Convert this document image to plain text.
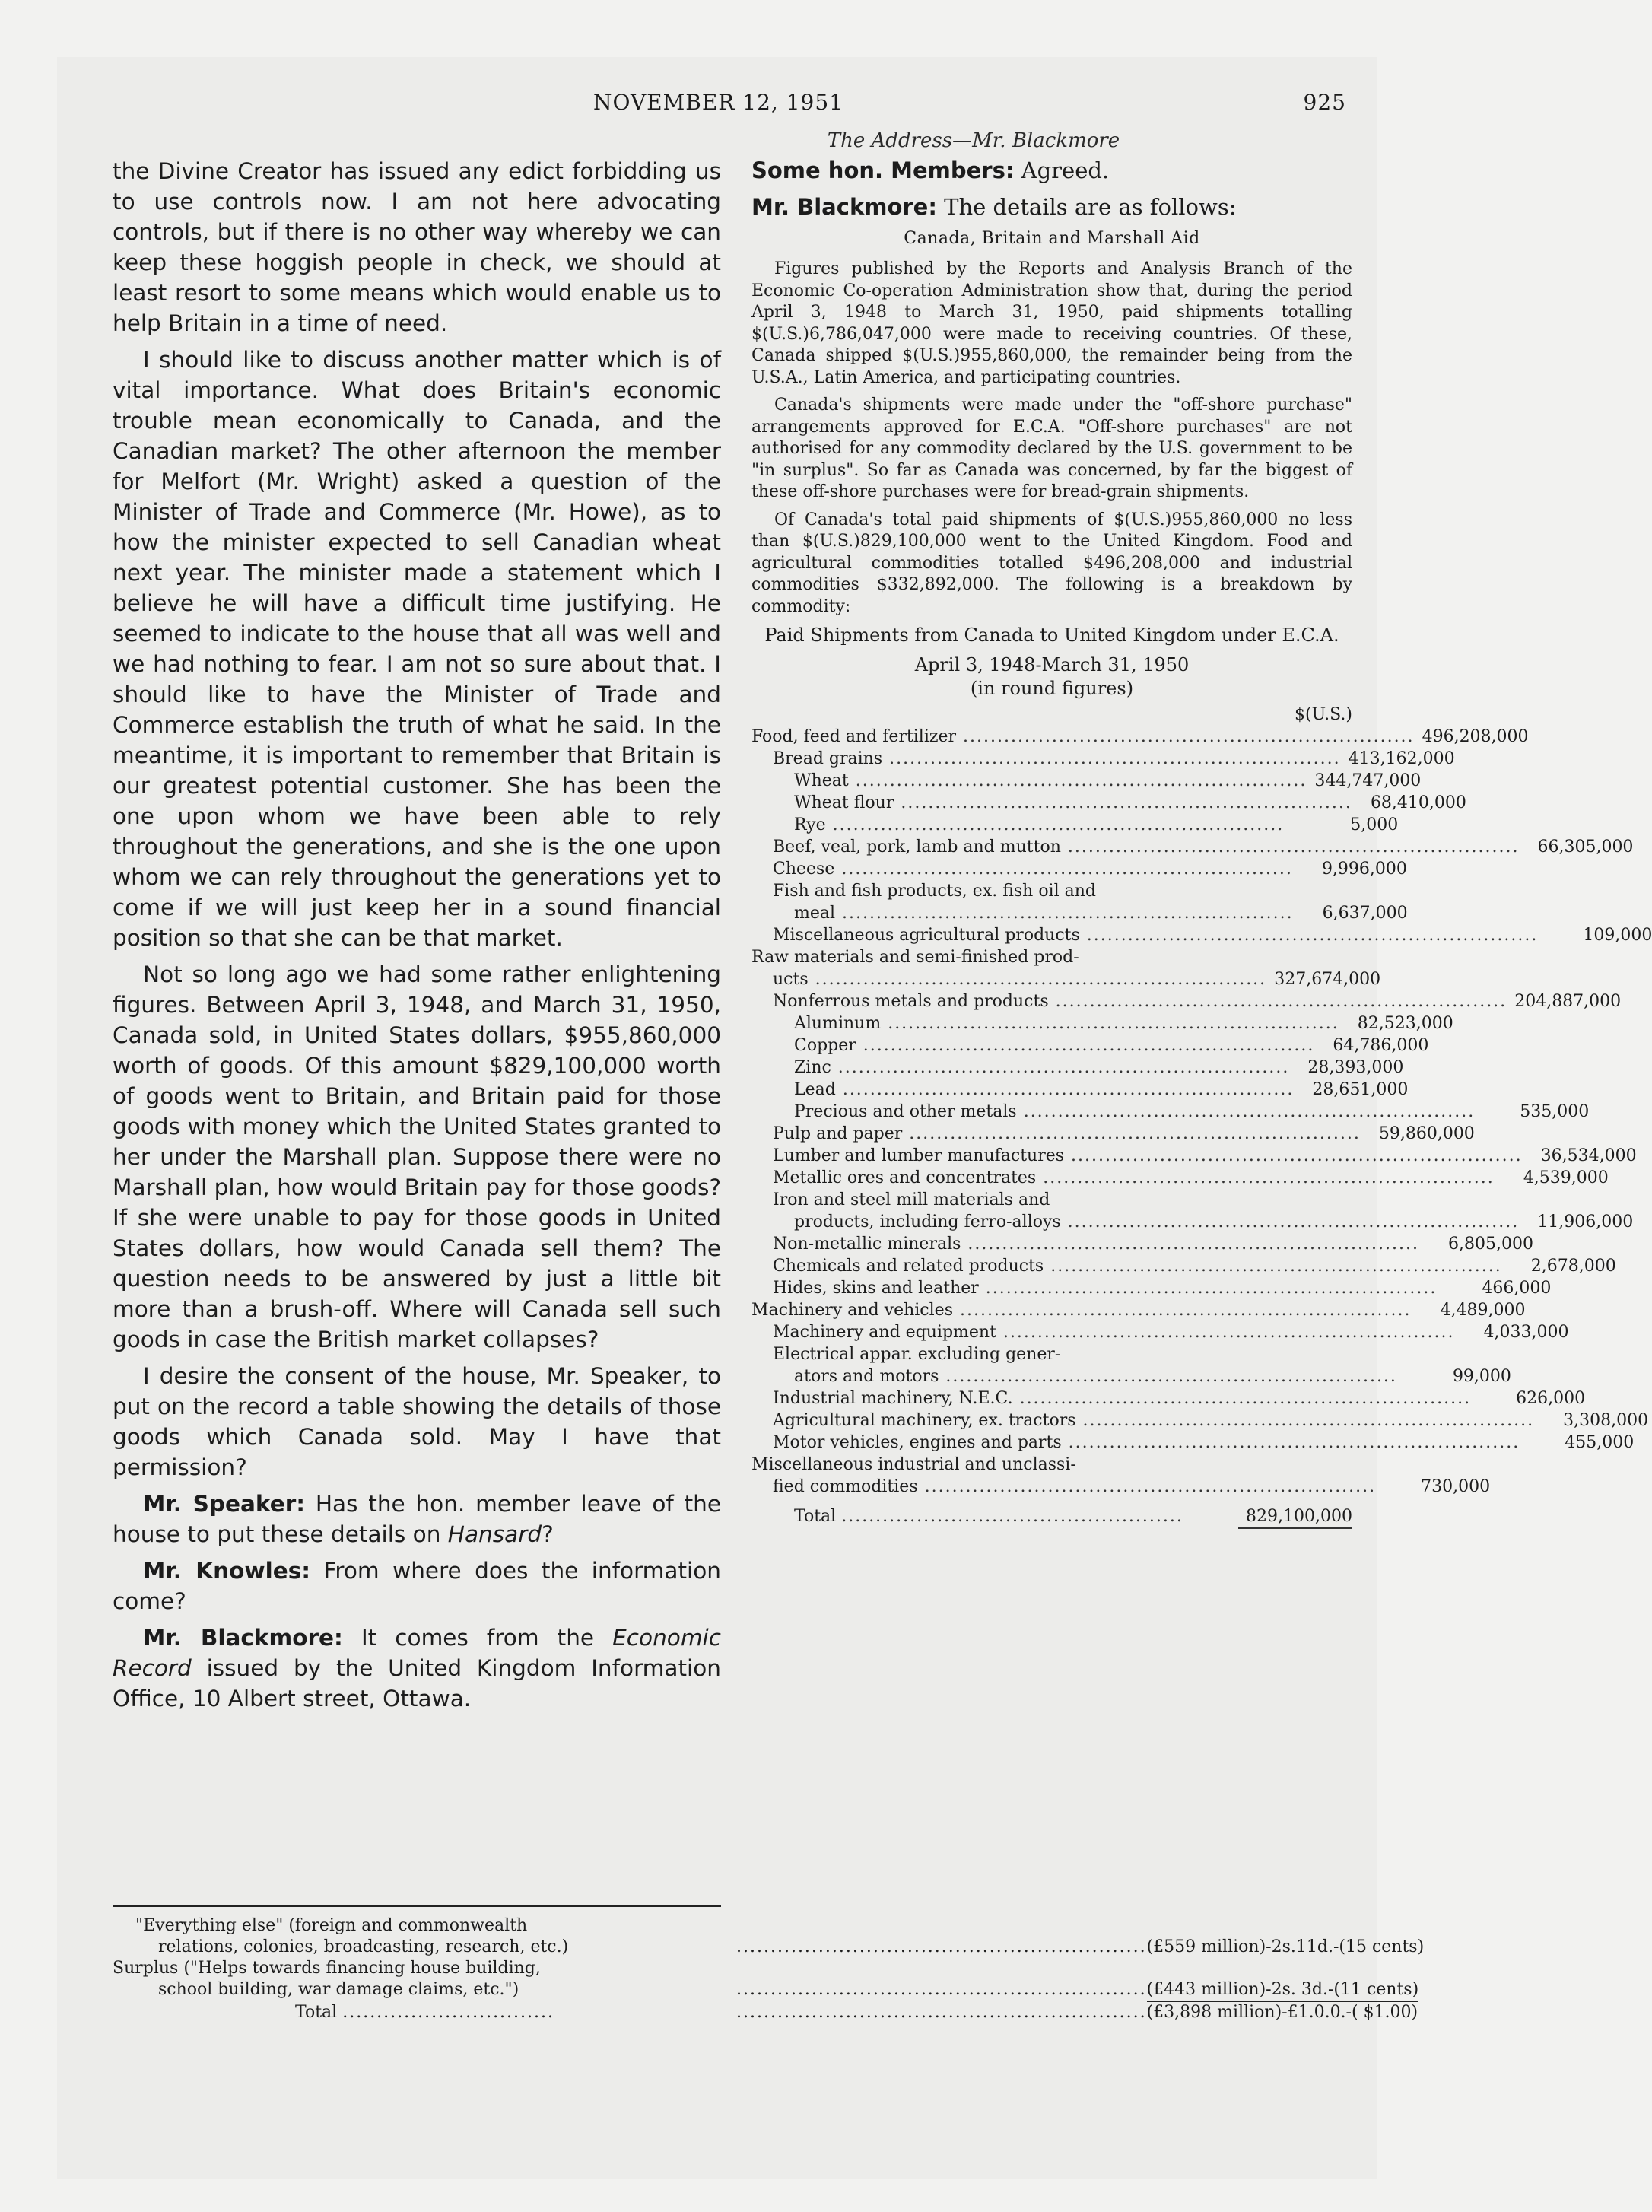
NOVEMBER 12, 1951	925
The Address—Mr. Blackmore

the Divine Creator has issued any edict forbidding us to use controls now. I am not here advocating controls, but if there is no other way whereby we can keep these hoggish people in check, we should at least resort to some means which would enable us to help Britain in a time of need.

I should like to discuss another matter which is of vital importance. What does Britain's economic trouble mean economically to Canada, and the Canadian market? The other afternoon the member for Melfort (Mr. Wright) asked a question of the Minister of Trade and Commerce (Mr. Howe), as to how the minister expected to sell Canadian wheat next year. The minister made a statement which I believe he will have a difficult time justifying. He seemed to indicate to the house that all was well and we had nothing to fear. I am not so sure about that. I should like to have the Minister of Trade and Commerce establish the truth of what he said. In the meantime, it is important to remember that Britain is our greatest potential customer. She has been the one upon whom we have been able to rely throughout the generations, and she is the one upon whom we can rely throughout the generations yet to come if we will just keep her in a sound financial position so that she can be that market.

Not so long ago we had some rather enlightening figures. Between April 3, 1948, and March 31, 1950, Canada sold, in United States dollars, $955,860,000 worth of goods. Of this amount $829,100,000 worth of goods went to Britain, and Britain paid for those goods with money which the United States granted to her under the Marshall plan. Suppose there were no Marshall plan, how would Britain pay for those goods? If she were unable to pay for those goods in United States dollars, how would Canada sell them? The question needs to be answered by just a little bit more than a brush-off. Where will Canada sell such goods in case the British market collapses?

I desire the consent of the house, Mr. Speaker, to put on the record a table showing the details of those goods which Canada sold. May I have that permission?

Mr. Speaker: Has the hon. member leave of the house to put these details on Hansard?

Mr. Knowles: From where does the information come?

Mr. Blackmore: It comes from the Economic Record issued by the United Kingdom Information Office, 10 Albert street, Ottawa.

Some hon. Members: Agreed.

Mr. Blackmore: The details are as follows:

Canada, Britain and Marshall Aid

Figures published by the Reports and Analysis Branch of the Economic Co-operation Administration show that, during the period April 3, 1948 to March 31, 1950, paid shipments totalling $(U.S.)6,786,047,000 were made to receiving countries. Of these, Canada shipped $(U.S.)955,860,000, the remainder being from the U.S.A., Latin America, and participating countries.

Canada's shipments were made under the "off-shore purchase" arrangements approved for E.C.A. "Off-shore purchases" are not authorised for any commodity declared by the U.S. government to be "in surplus". So far as Canada was concerned, by far the biggest of these off-shore purchases were for bread-grain shipments.

Of Canada's total paid shipments of $(U.S.)955,860,000 no less than $(U.S.)829,100,000 went to the United Kingdom. Food and agricultural commodities totalled $496,208,000 and industrial commodities $332,892,000. The following is a breakdown by commodity:

Paid Shipments from Canada to United Kingdom under E.C.A.
April 3, 1948-March 31, 1950
(in round figures)
$(U.S.)
Food, feed and fertilizer .................................................................. 496,208,000
Bread grains .................................................................. 413,162,000
Wheat .................................................................. 344,747,000
Wheat flour ..................................................................	68,410,000
Rye ..................................................................	5,000
Beef, veal, pork, lamb and mutton ..................................................................	66,305,000
Cheese ..................................................................	9,996,000
Fish and fish products, ex. fish oil and
meal ..................................................................	6,637,000
Miscellaneous agricultural products ..................................................................	109,000
Raw materials and semi-finished prod-
ucts .................................................................. 327,674,000
Nonferrous metals and products .................................................................. 204,887,000
Aluminum ..................................................................	82,523,000
Copper ..................................................................	64,786,000
Zinc ..................................................................	28,393,000
Lead ..................................................................	28,651,000
Precious and other metals ..................................................................	535,000
Pulp and paper ..................................................................	59,860,000
Lumber and lumber manufactures ..................................................................	36,534,000
Metallic ores and concentrates ..................................................................	4,539,000
Iron and steel mill materials and
products, including ferro-alloys ..................................................................	11,906,000
Non-metallic minerals ..................................................................	6,805,000
Chemicals and related products ..................................................................	2,678,000
Hides, skins and leather ..................................................................	466,000
Machinery and vehicles ..................................................................	4,489,000
Machinery and equipment ..................................................................	4,033,000
Electrical appar. excluding gener-
ators and motors ..................................................................	99,000
Industrial machinery, N.E.C. ..................................................................	626,000
Agricultural machinery, ex. tractors ..................................................................	3,308,000
Motor vehicles, engines and parts ..................................................................	455,000
Miscellaneous industrial and unclassi-
fied commodities ..................................................................	730,000
Total ..................................................	829,100,000
"Everything else" (foreign and commonwealth
relations, colonies, broadcasting, research, etc.)	............................................................ (£559 million)-2s.11d.-(15 cents)
Surplus ("Helps towards financing house building,
school building, war damage claims, etc.")	............................................................ (£443 million)-2s. 3d.-(11 cents)
Total ...............................	............................................................ (£3,898 million)-£1.0.0.-( $1.00)
